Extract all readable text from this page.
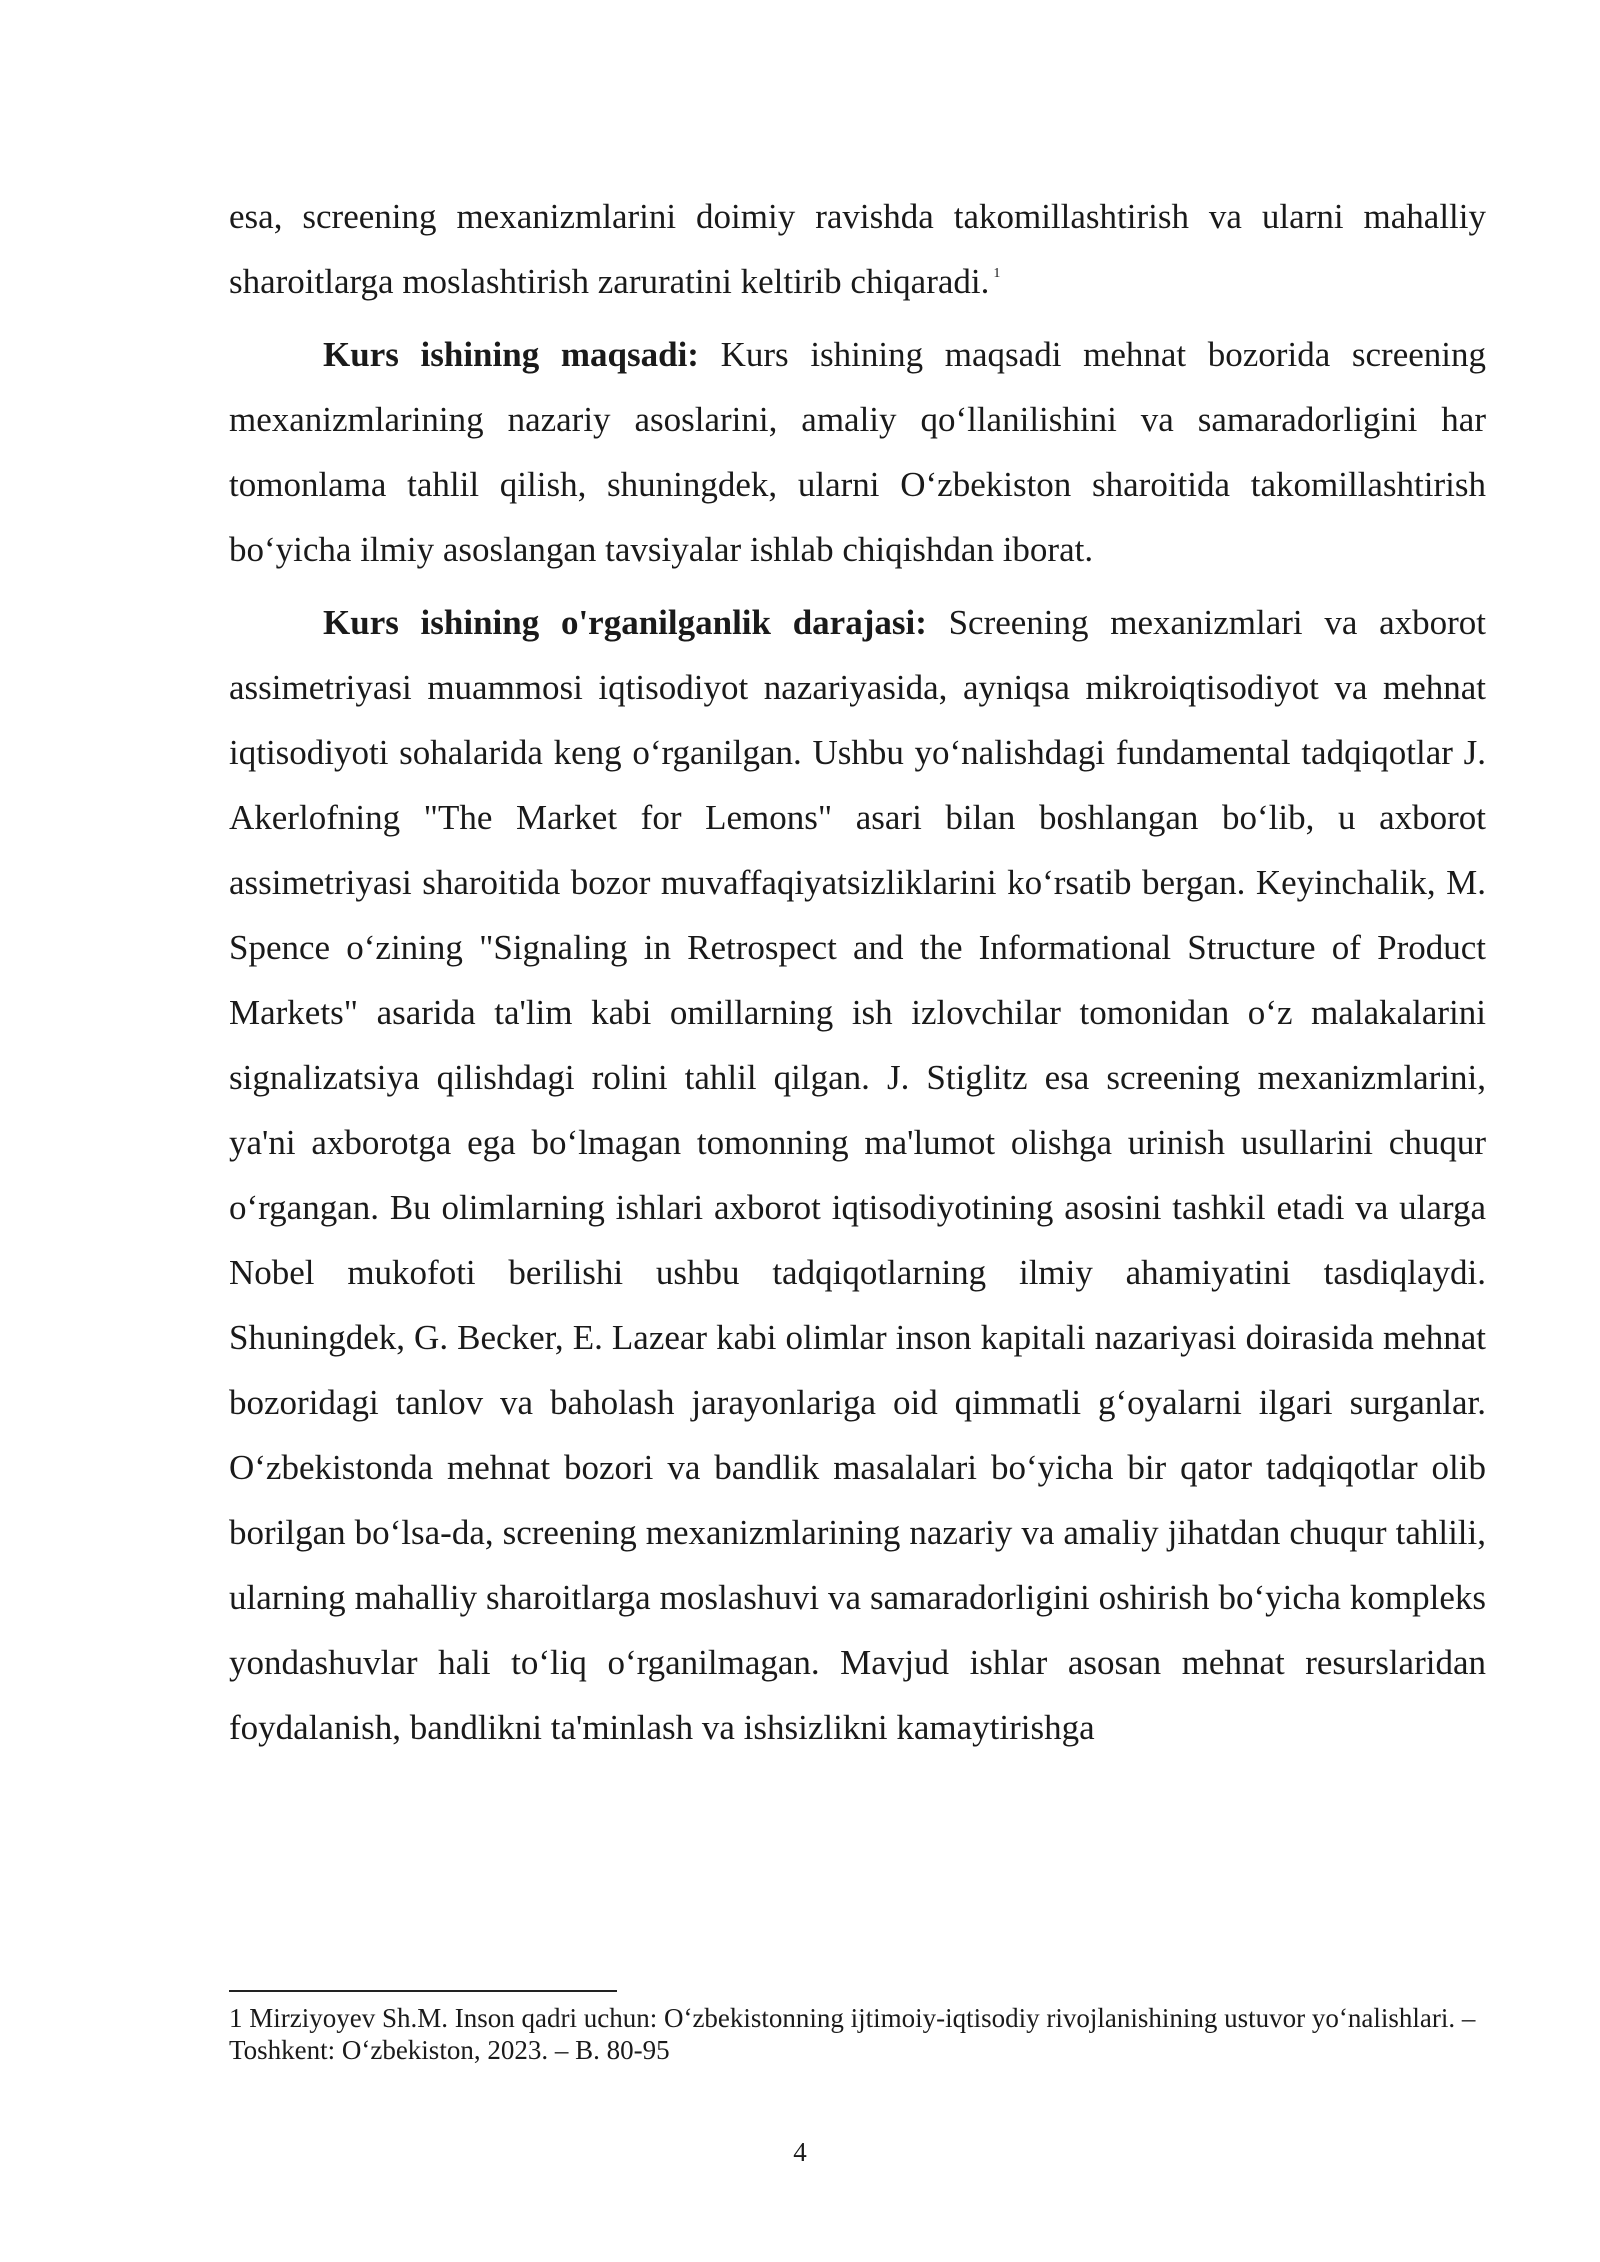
esa, screening mexanizmlarini doimiy ravishda takomillashtirish va ularni mahalliy sharoitlarga moslashtirish zaruratini keltirib chiqaradi. $^1$

Kurs ishining maqsadi: Kurs ishining maqsadi mehnat bozorida screening mexanizmlarining nazariy asoslarini, amaliy qo‘llanilishini va samaradorligini har tomonlama tahlil qilish, shuningdek, ularni O‘zbekiston sharoitida takomillashtirish bo‘yicha ilmiy asoslangan tavsiyalar ishlab chiqishdan iborat.

Kurs ishining o'rganilganlik darajasi: Screening mexanizmlari va axborot assimetriyasi muammosi iqtisodiyot nazariyasida, ayniqsa mikroiqtisodiyot va mehnat iqtisodiyoti sohalarida keng o‘rganilgan. Ushbu yo‘nalishdagi fundamental tadqiqotlar J. Akerlofning "The Market for Lemons" asari bilan boshlangan bo‘lib, u axborot assimetriyasi sharoitida bozor muvaffaqiyatsizliklarini ko‘rsatib bergan. Keyinchalik, M. Spence o‘zining "Signaling in Retrospect and the Informational Structure of Product Markets" asarida ta'lim kabi omillarning ish izlovchilar tomonidan o‘z malakalarini signalizatsiya qilishdagi rolini tahlil qilgan. J. Stiglitz esa screening mexanizmlarini, ya'ni axborotga ega bo‘lmagan tomonning ma'lumot olishga urinish usullarini chuqur o‘rgangan. Bu olimlarning ishlari axborot iqtisodiyotining asosini tashkil etadi va ularga Nobel mukofoti berilishi ushbu tadqiqotlarning ilmiy ahamiyatini tasdiqlaydi. Shuningdek, G. Becker, E. Lazear kabi olimlar inson kapitali nazariyasi doirasida mehnat bozoridagi tanlov va baholash jarayonlariga oid qimmatli g‘oyalarni ilgari surganlar. O‘zbekistonda mehnat bozori va bandlik masalalari bo‘yicha bir qator tadqiqotlar olib borilgan bo‘lsa-da, screening mexanizmlarining nazariy va amaliy jihatdan chuqur tahlili, ularning mahalliy sharoitlarga moslashuvi va samaradorligini oshirish bo‘yicha kompleks yondashuvlar hali to‘liq o‘rganilmagan. Mavjud ishlar asosan mehnat resurslaridan foydalanish, bandlikni ta'minlash va ishsizlikni kamaytirishga

1 Mirziyoyev Sh.M. Inson qadri uchun: O‘zbekistonning ijtimoiy-iqtisodiy rivojlanishining ustuvor yo‘nalishlari. – Toshkent: O‘zbekiston, 2023. – B. 80-95

4
